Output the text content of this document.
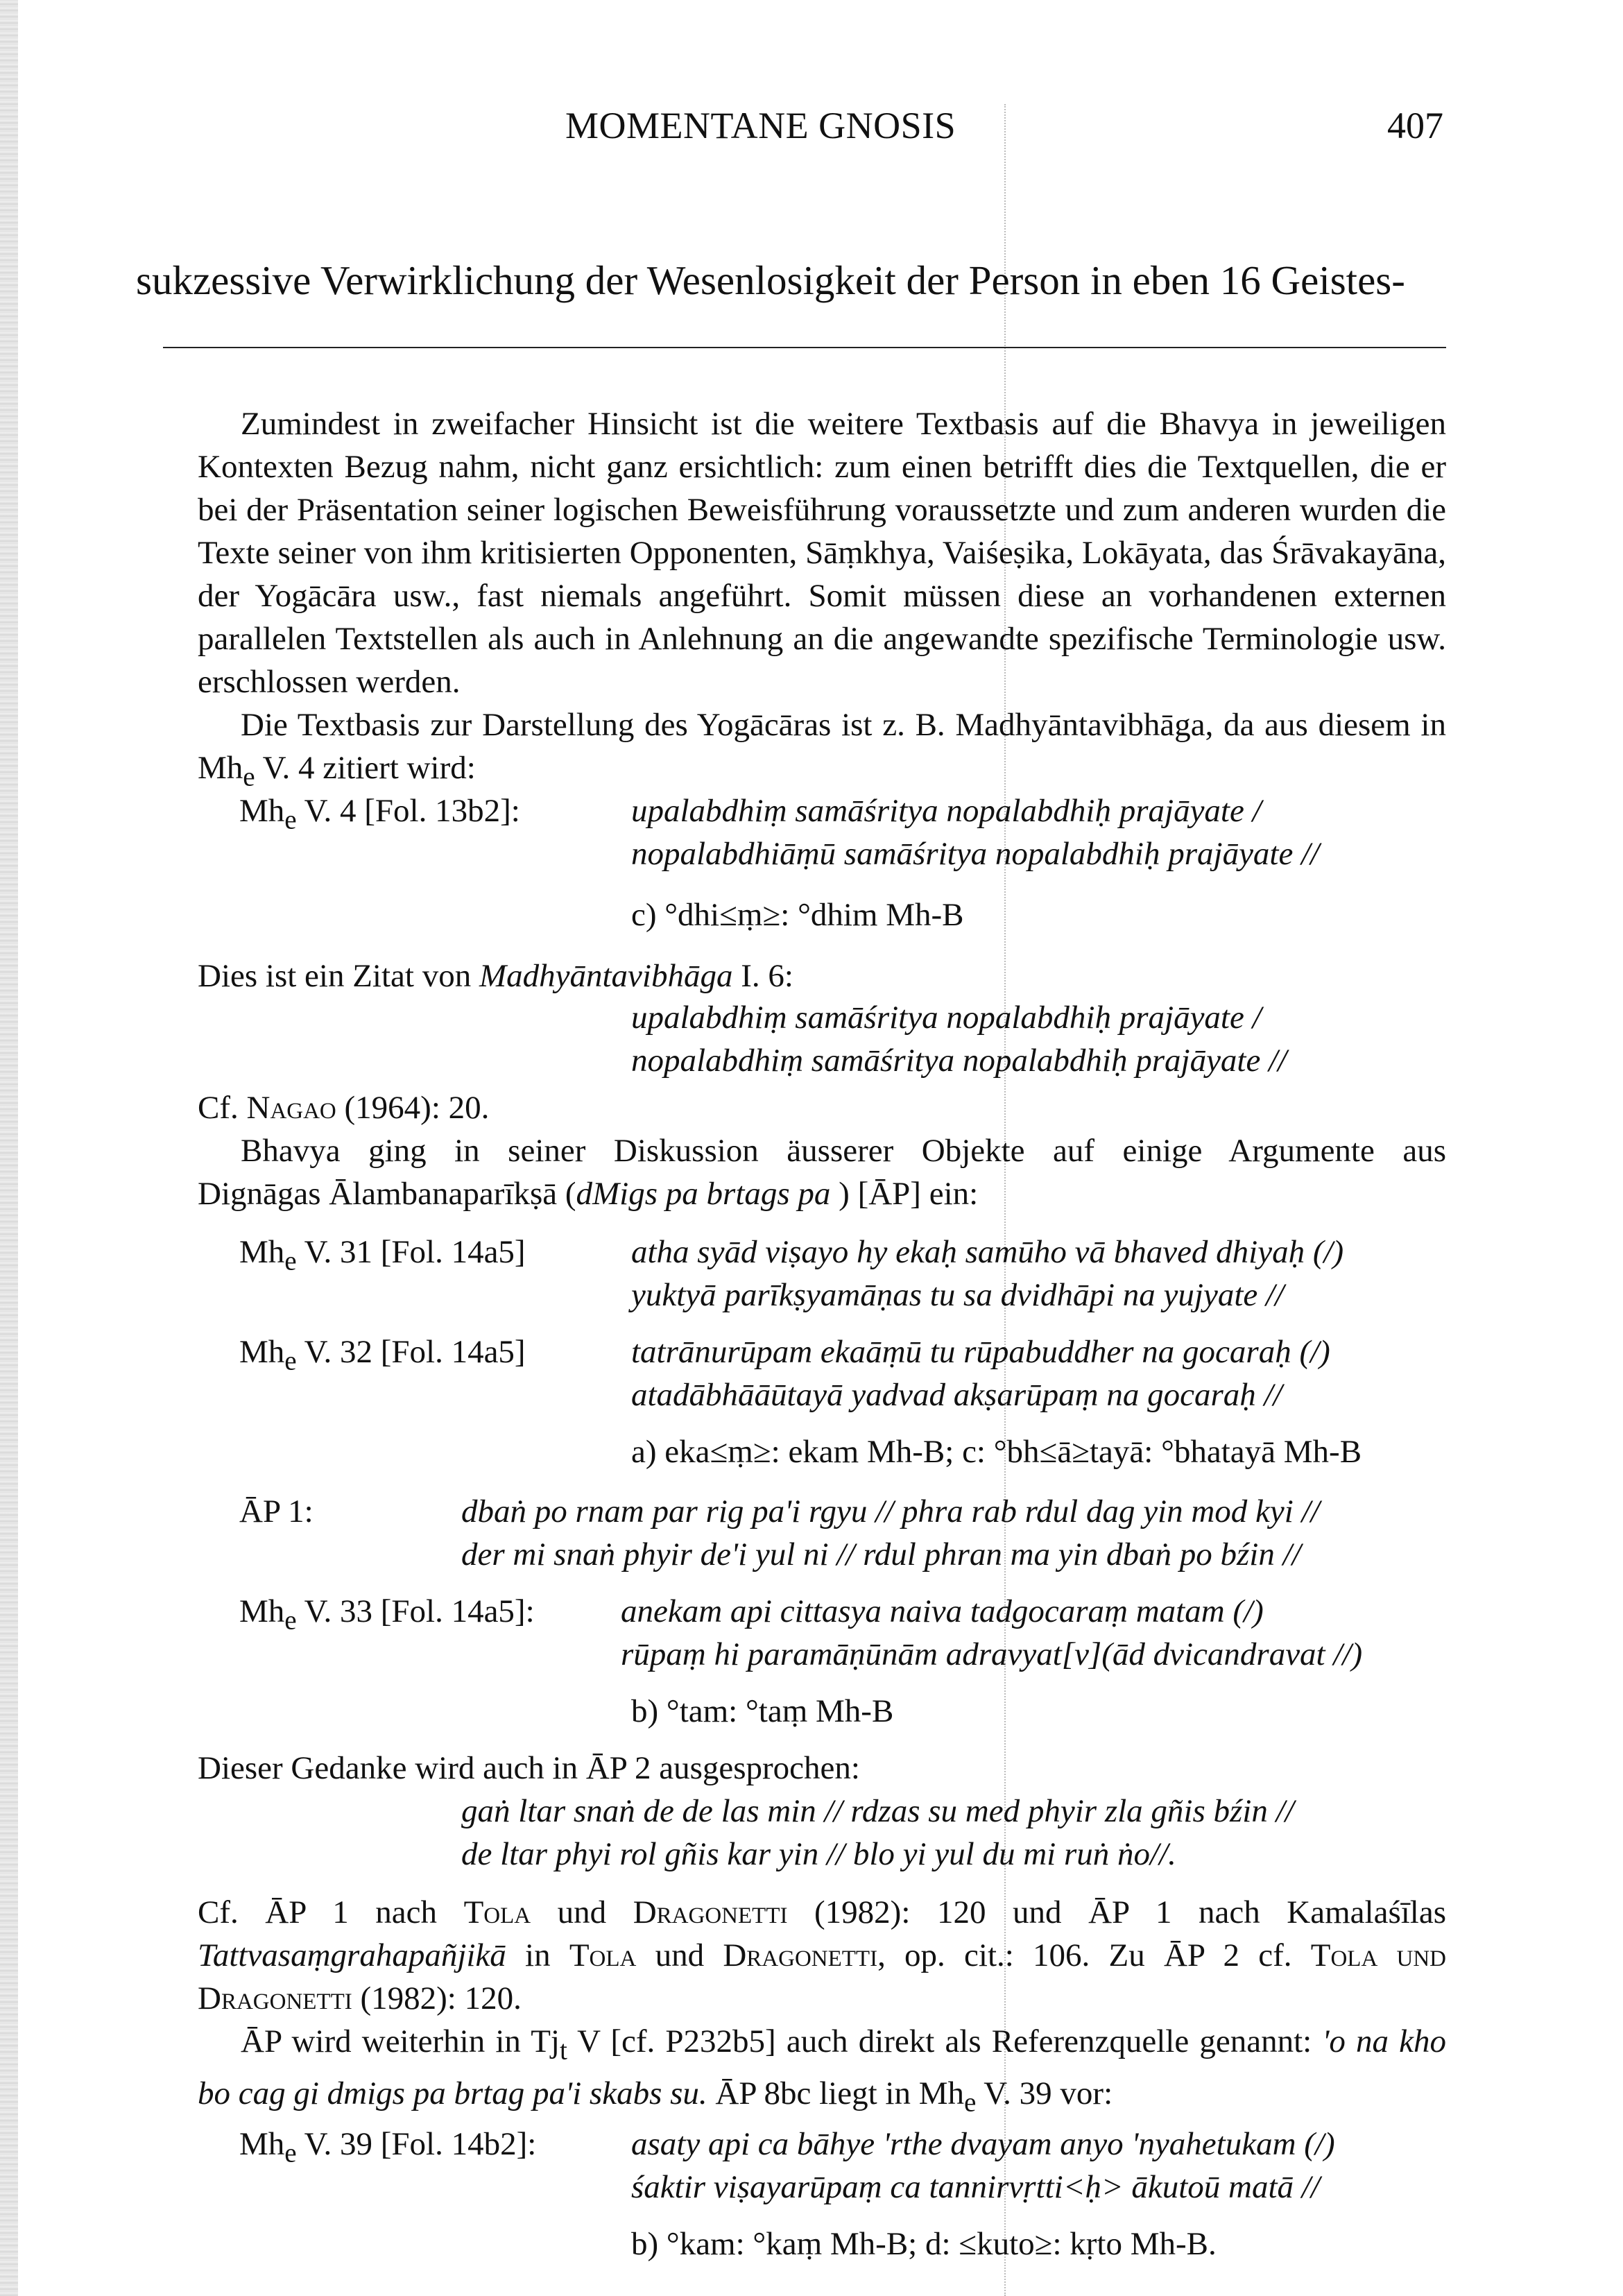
MOMENTANE GNOSIS	407
sukzessive Verwirklichung der Wesenlosigkeit der Person in eben 16 Geistes-

Zumindest in zweifacher Hinsicht ist die weitere Textbasis auf die Bhavya in jeweiligen Kontexten Bezug nahm, nicht ganz ersichtlich: zum einen betrifft dies die Textquellen, die er bei der Präsentation seiner logischen Beweisführung voraussetzte und zum anderen wurden die Texte seiner von ihm kritisierten Opponenten, Sāṃkhya, Vaiśeṣika, Lokāyata, das Śrāvakayāna, der Yogācāra usw., fast niemals angeführt. Somit müssen diese an vorhandenen externen parallelen Textstellen als auch in Anlehnung an die angewandte spezifische Terminologie usw. erschlossen werden.

Die Textbasis zur Darstellung des Yogācāras ist z. B. Madhyāntavibhāga, da aus diesem in $Mh_e$ V. 4 zitiert wird:

$Mh_e$ V. 4 [Fol. 13b2]:	upalabdhiṃ samāśritya nopalabdhiḥ prajāyate /
nopalabdhiāṃū samāśritya nopalabdhiḥ prajāyate //
c) °dhi≤ṃ≥: °dhim Mh-B
Dies ist ein Zitat von Madhyāntavibhāga I. 6:
upalabdhiṃ samāśritya nopalabdhiḥ prajāyate /
nopalabdhiṃ samāśritya nopalabdhiḥ prajāyate //
Cf. Nagao (1964): 20.

Bhavya ging in seiner Diskussion äusserer Objekte auf einige Argumente aus

Dignāgas Ālambanaparīkṣā (dMigs pa brtags pa ) [ĀP] ein:

$Mh_e$ V. 31 [Fol. 14a5]	atha syād viṣayo hy ekaḥ samūho vā bhaved dhiyaḥ (/)
yuktyā parīkṣyamāṇas tu sa dvidhāpi na yujyate //
$Mh_e$ V. 32 [Fol. 14a5]	tatrānurūpam ekaāṃū tu rūpabuddher na gocaraḥ (/)
atadābhāāūtayā yadvad akṣarūpaṃ na gocaraḥ //
a) eka≤ṃ≥: ekam Mh-B; c: °bh≤ā≥tayā: °bhatayā Mh-B
ĀP 1:	dbaṅ po rnam par rig pa'i rgyu // phra rab rdul dag yin mod kyi //
der mi snaṅ phyir de'i yul ni // rdul phran ma yin dbaṅ po bźin //
$Mh_e$ V. 33 [Fol. 14a5]:	anekam api cittasya naiva tadgocaraṃ matam (/)
rūpaṃ hi paramāṇūnām adravyat[v](ād dvicandravat //)
b) °tam: °taṃ Mh-B
Dieser Gedanke wird auch in ĀP 2 ausgesprochen:
gaṅ ltar snaṅ de de las min // rdzas su med phyir zla gñis bźin //
de ltar phyi rol gñis kar yin // blo yi yul du mi ruṅ ṅo//.

Cf. ĀP 1 nach Tola und Dragonetti (1982): 120 und ĀP 1 nach Kamalaśīlas Tattvasaṃgrahapañjikā in Tola und Dragonetti, op. cit.: 106. Zu ĀP 2 cf. Tola und Dragonetti (1982): 120.

ĀP wird weiterhin in $Tj_t$ V [cf. P232b5] auch direkt als Referenzquelle genannt: 'o na kho bo cag gi dmigs pa brtag pa'i skabs su. ĀP 8bc liegt in $Mh_e$ V. 39 vor:

$Mh_e$ V. 39 [Fol. 14b2]:	asaty api ca bāhye 'rthe dvayam anyo 'nyahetukam (/)
śaktir viṣayarūpaṃ ca tannirvṛtti<ḥ> ākutoū matā //
b) °kam: °kaṃ Mh-B; d: ≤kuto≥: kṛto Mh-B.
